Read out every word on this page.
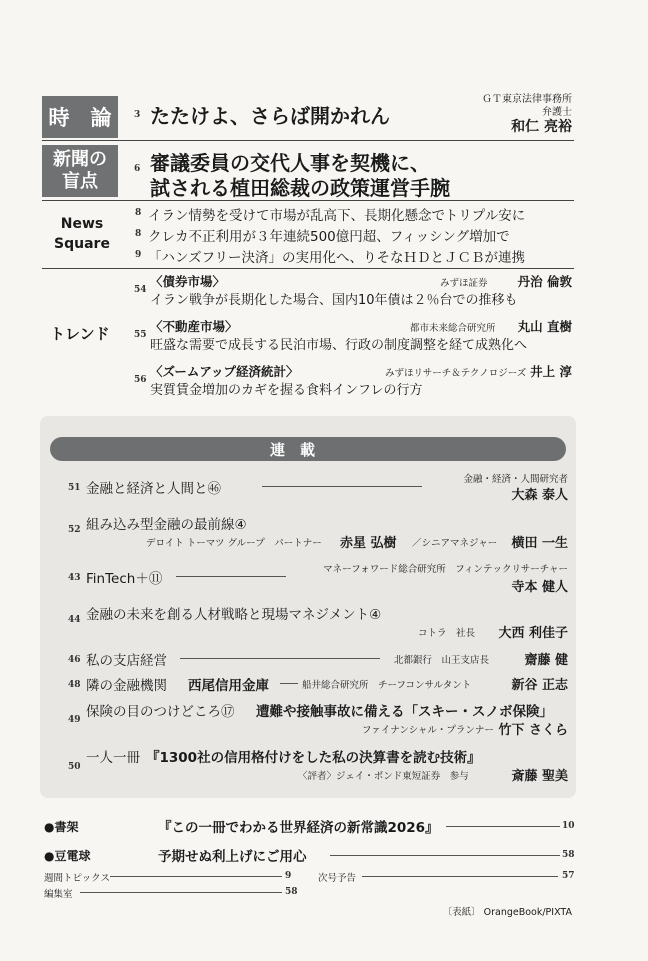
時　論	3 たたけよ、さらば開かれん
ＧＴ東京法律事務所
弁護士
和仁 亮裕
新聞の
盲点
6 審議委員の交代人事を契機に、
試される植田総裁の政策運営手腕
News
Square
8 イラン情勢を受けて市場が乱高下、長期化懸念でトリプル安に
8 クレカ不正利用が３年連続500億円超、フィッシング増加で
9 「ハンズフリー決済」の実用化へ、りそなＨＤとＪＣＢが連携
トレンド
54
〈債券市場〉	みずほ証券 丹治 倫敦
イラン戦争が長期化した場合、国内10年債は２％台での推移も
55
〈不動産市場〉	都市未来総合研究所 丸山 直樹
旺盛な需要で成長する民泊市場、行政の制度調整を経て成熟化へ
56
〈ズームアップ経済統計〉	みずほリサーチ＆テクノロジーズ 井上 淳
実質賃金増加のカギを握る食料インフレの行方
連　載
51 金融と経済と人間と㊻
金融・経済・人間研究者
大森 泰人
52 組み込み型金融の最前線④
デロイト トーマツ グループ　パートナー 赤星 弘樹 ／シニアマネジャー 横田 一生
43 FinTech＋⑪
マネーフォワード総合研究所　フィンテックリサーチャー
寺本 健人
44 金融の未来を創る人材戦略と現場マネジメント④
コトラ　社長 大西 利佳子
46 私の支店経営	北都銀行　山王支店長	齋藤 健
48 隣の金融機関 西尾信用金庫	船井総合研究所　チーフコンサルタント	新谷 正志
49 保険の目のつけどころ⑰ 遭難や接触事故に備える「スキー・スノボ保険」
ファイナンシャル・プランナー 竹下 さくら
50
一人一冊 『1300社の信用格付けをした私の決算書を読む技術』
〈評者〉ジェイ・ボンド東短証券　参与	斎藤 聖美
●書架	『この一冊でわかる世界経済の新常識2026』	10
●豆電球	予期せぬ利上げにご用心	58
週間トピックス	9	次号予告	57
編集室	58
〔表紙〕 OrangeBook/PIXTA
